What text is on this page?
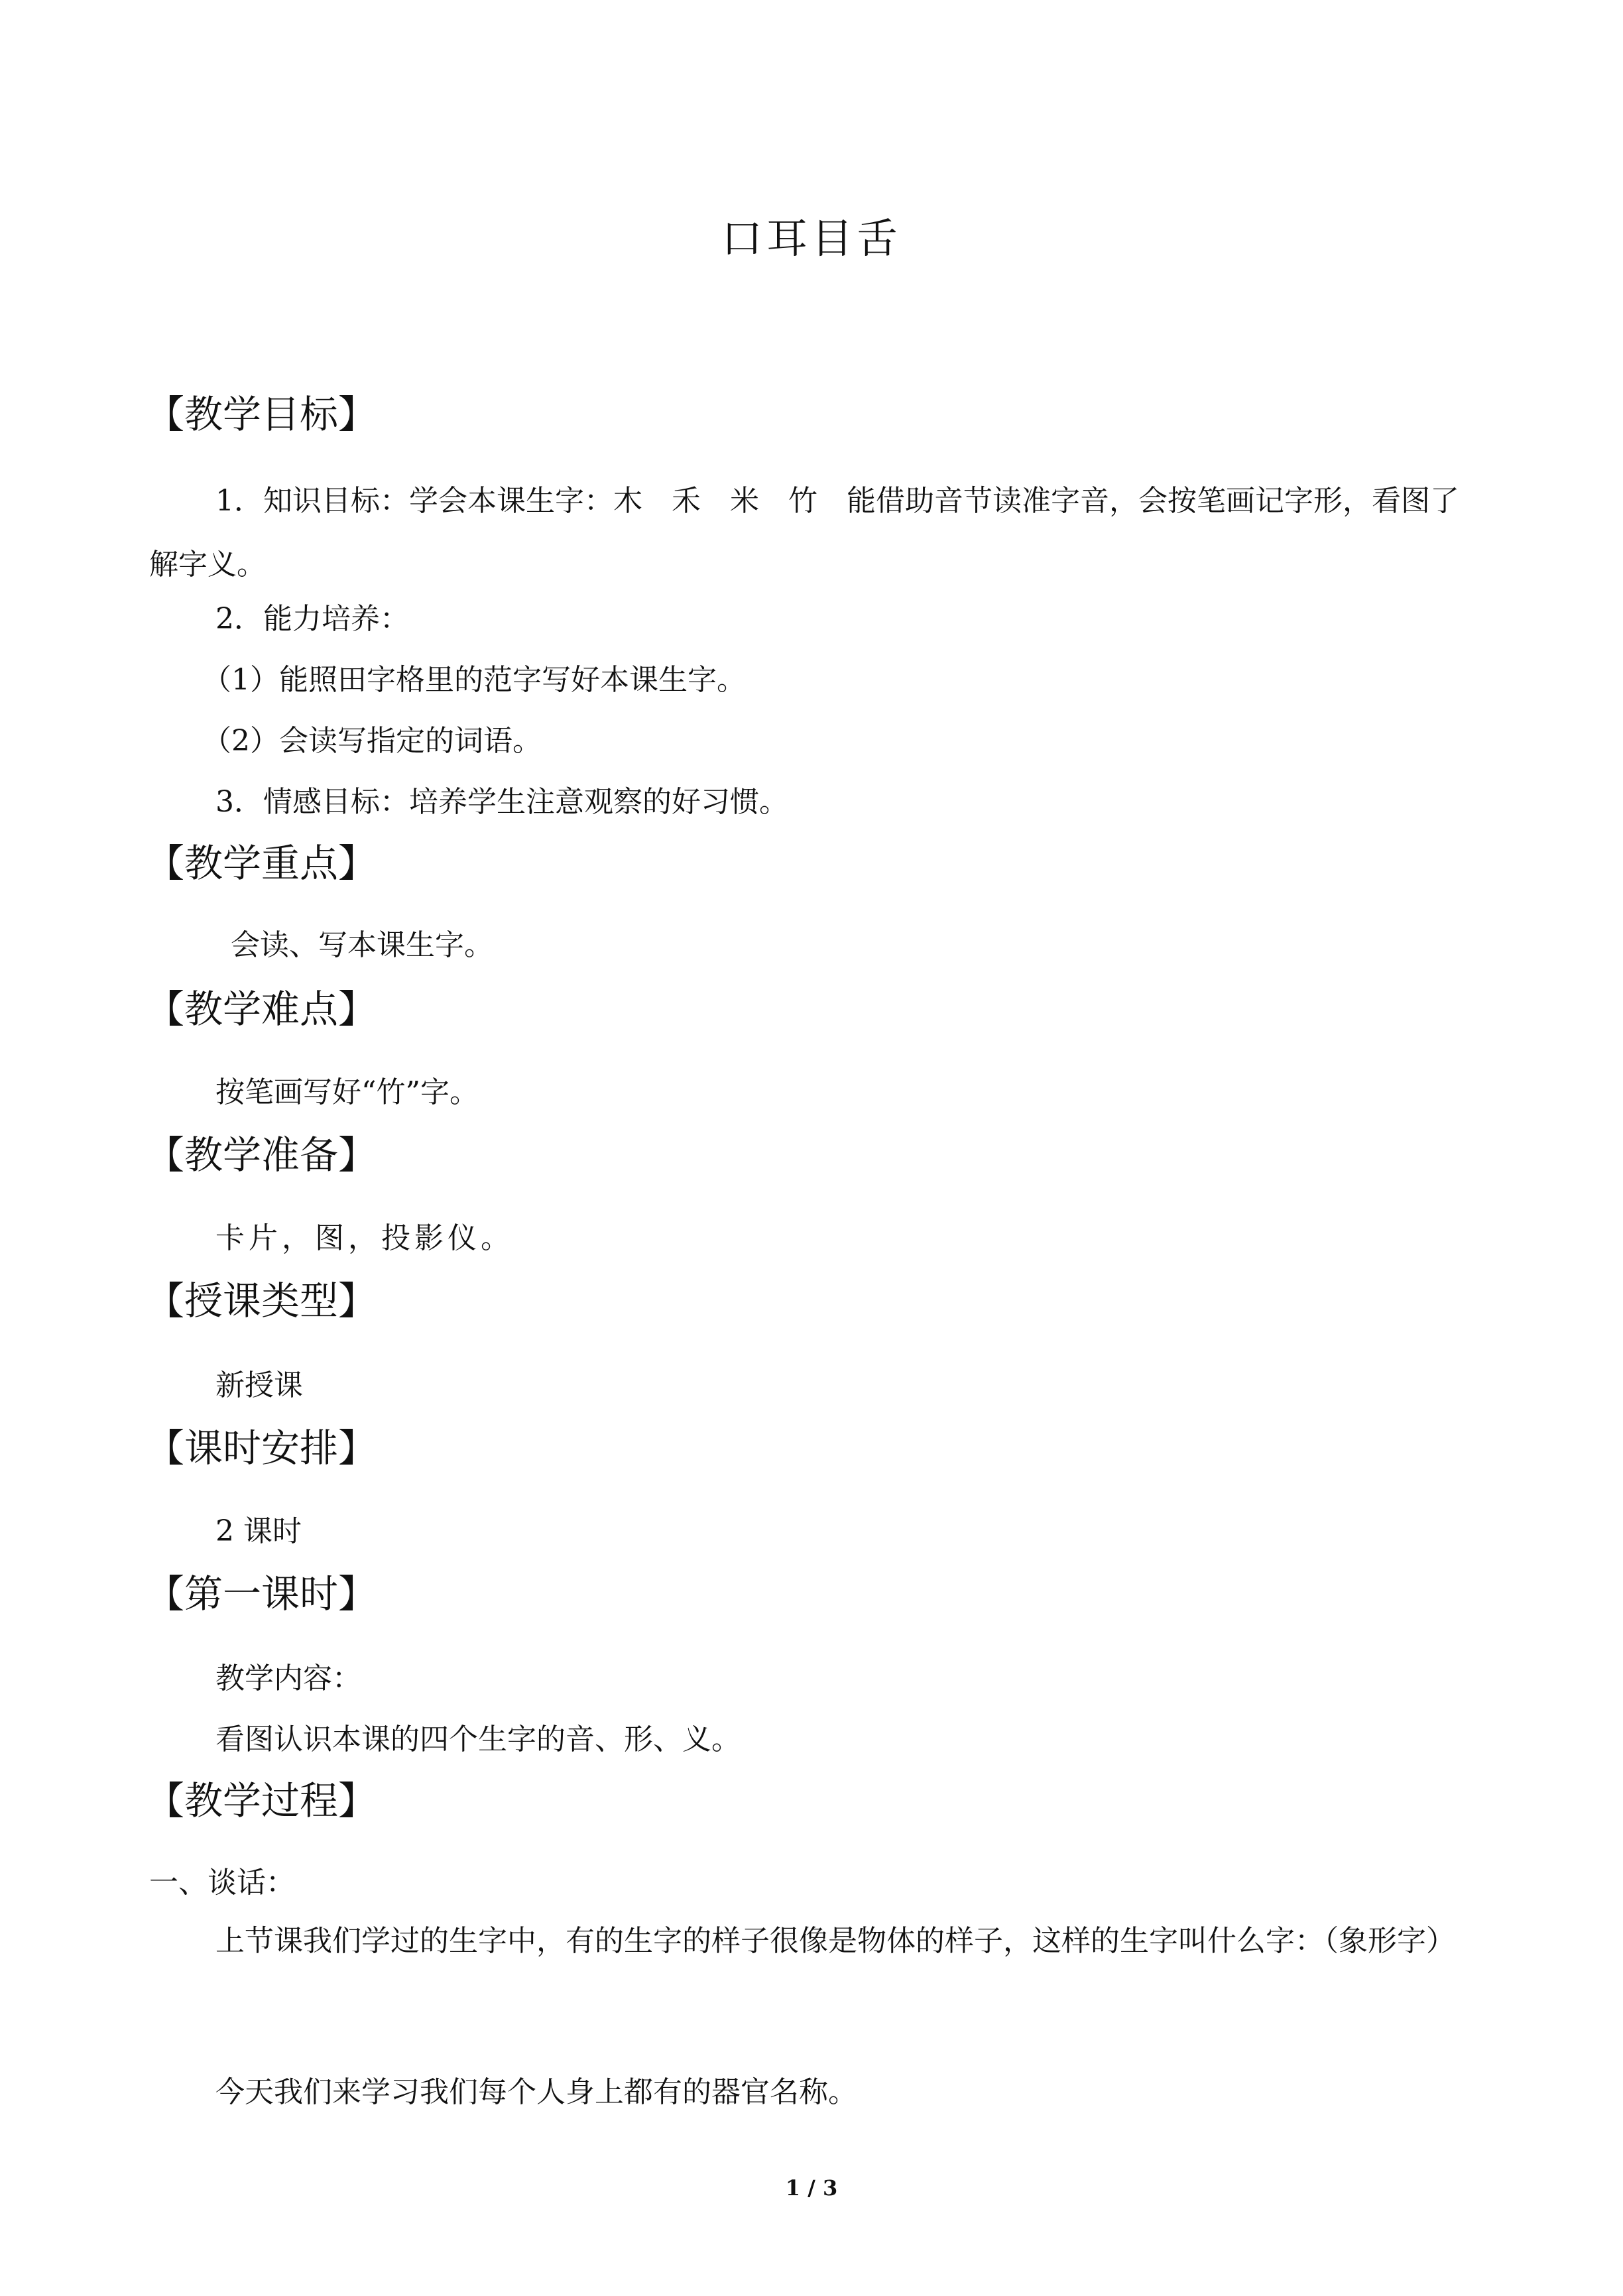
口耳目舌
【教学目标】
1．知识目标：学会本课生字：木　禾　米　竹　能借助音节读准字音，会按笔画记字形，看图了解字义。
2．能力培养：
（1）能照田字格里的范字写好本课生字。
（2）会读写指定的词语。
3．情感目标：培养学生注意观察的好习惯。
【教学重点】
会读、写本课生字。
【教学难点】
按笔画写好“竹”字。
【教学准备】
卡片，图，投影仪。
【授课类型】
新授课
【课时安排】
2 课时
【第一课时】
教学内容：
看图认识本课的四个生字的音、形、义。
【教学过程】
一、谈话：
上节课我们学过的生字中，有的生字的样子很像是物体的样子，这样的生字叫什么字：（象形字）
今天我们来学习我们每个人身上都有的器官名称。
1 / 3
